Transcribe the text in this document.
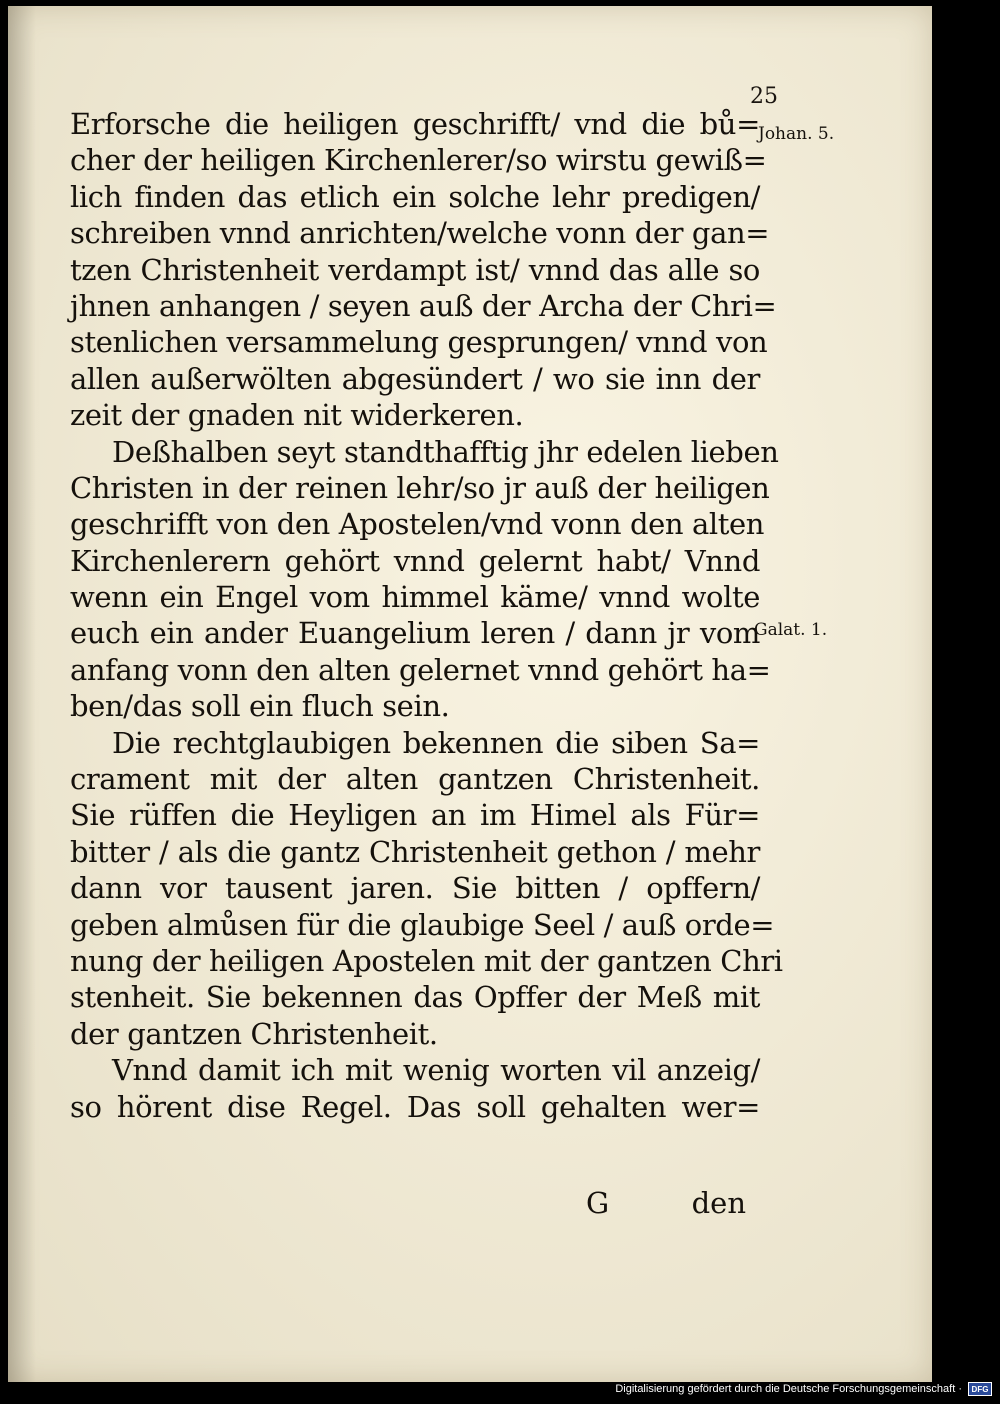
25
Johan. 5.
Galat. 1.
Erforsche die heiligen geschrifft/ vnd die bů=
cher der heiligen Kirchenlerer/so wirstu gewiß=
lich finden das etlich ein solche lehr predigen/
schreiben vnnd anrichten/welche vonn der gan=
tzen Christenheit verdampt ist/ vnnd das alle so
jhnen anhangen / seyen auß der Archa der Chri=
stenlichen versammelung gesprungen/ vnnd von
allen außerwölten abgesündert / wo sie inn der
zeit der gnaden nit widerkeren.
Deßhalben seyt standthafftig jhr edelen lieben
Christen in der reinen lehr/so jr auß der heiligen
geschrifft von den Apostelen/vnd vonn den alten
Kirchenlerern gehört vnnd gelernt habt/ Vnnd
wenn ein Engel vom himmel käme/ vnnd wolte
euch ein ander Euangelium leren / dann jr vom
anfang vonn den alten gelernet vnnd gehört ha=
ben/das soll ein fluch sein.
Die rechtglaubigen bekennen die siben Sa=
crament mit der alten gantzen Christenheit.
Sie rüffen die Heyligen an im Himel als Für=
bitter / als die gantz Christenheit gethon / mehr
dann vor tausent jaren. Sie bitten / opffern/
geben almůsen für die glaubige Seel / auß orde=
nung der heiligen Apostelen mit der gantzen Chri
stenheit. Sie bekennen das Opffer der Meß mit
der gantzen Christenheit.
Vnnd damit ich mit wenig worten vil anzeig/
so hörent dise Regel. Das soll gehalten wer=
G	den
Digitalisierung gefördert durch die Deutsche Forschungsgemeinschaft ·	DFG
